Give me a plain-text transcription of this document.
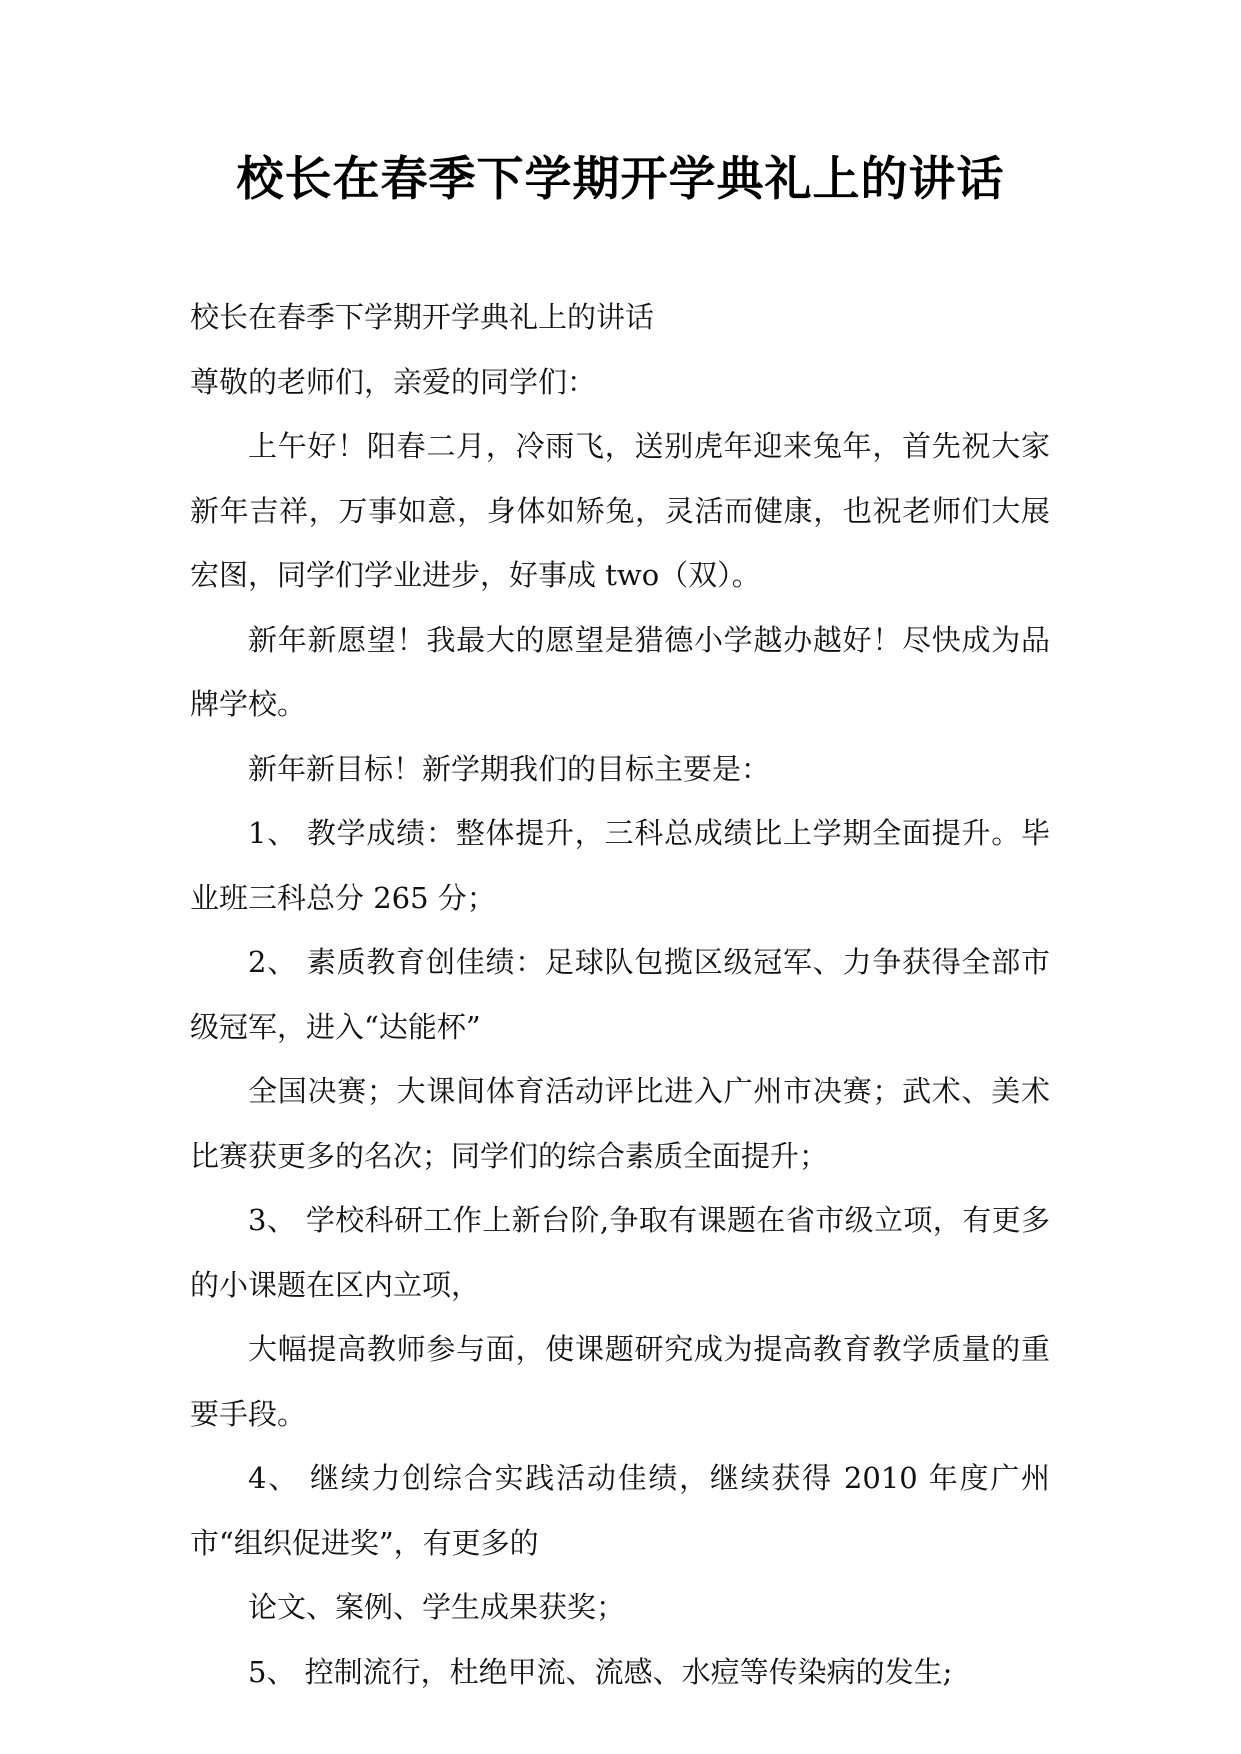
校长在春季下学期开学典礼上的讲话

校长在春季下学期开学典礼上的讲话

尊敬的老师们，亲爱的同学们：

上午好！阳春二月，冷雨飞，送别虎年迎来兔年，首先祝大家新年吉祥，万事如意，身体如矫兔，灵活而健康，也祝老师们大展宏图，同学们学业进步，好事成 two（双）。

新年新愿望！我最大的愿望是猎德小学越办越好！尽快成为品牌学校。

新年新目标！新学期我们的目标主要是：

1、 教学成绩：整体提升，三科总成绩比上学期全面提升。毕业班三科总分 265 分；

2、 素质教育创佳绩：足球队包揽区级冠军、力争获得全部市级冠军，进入“达能杯”

全国决赛；大课间体育活动评比进入广州市决赛；武术、美术比赛获更多的名次；同学们的综合素质全面提升；

3、 学校科研工作上新台阶,争取有课题在省市级立项，有更多的小课题在区内立项，

大幅提高教师参与面，使课题研究成为提高教育教学质量的重要手段。

4、 继续力创综合实践活动佳绩，继续获得 2010 年度广州市“组织促进奖”，有更多的

论文、案例、学生成果获奖；

5、 控制流行，杜绝甲流、流感、水痘等传染病的发生;
